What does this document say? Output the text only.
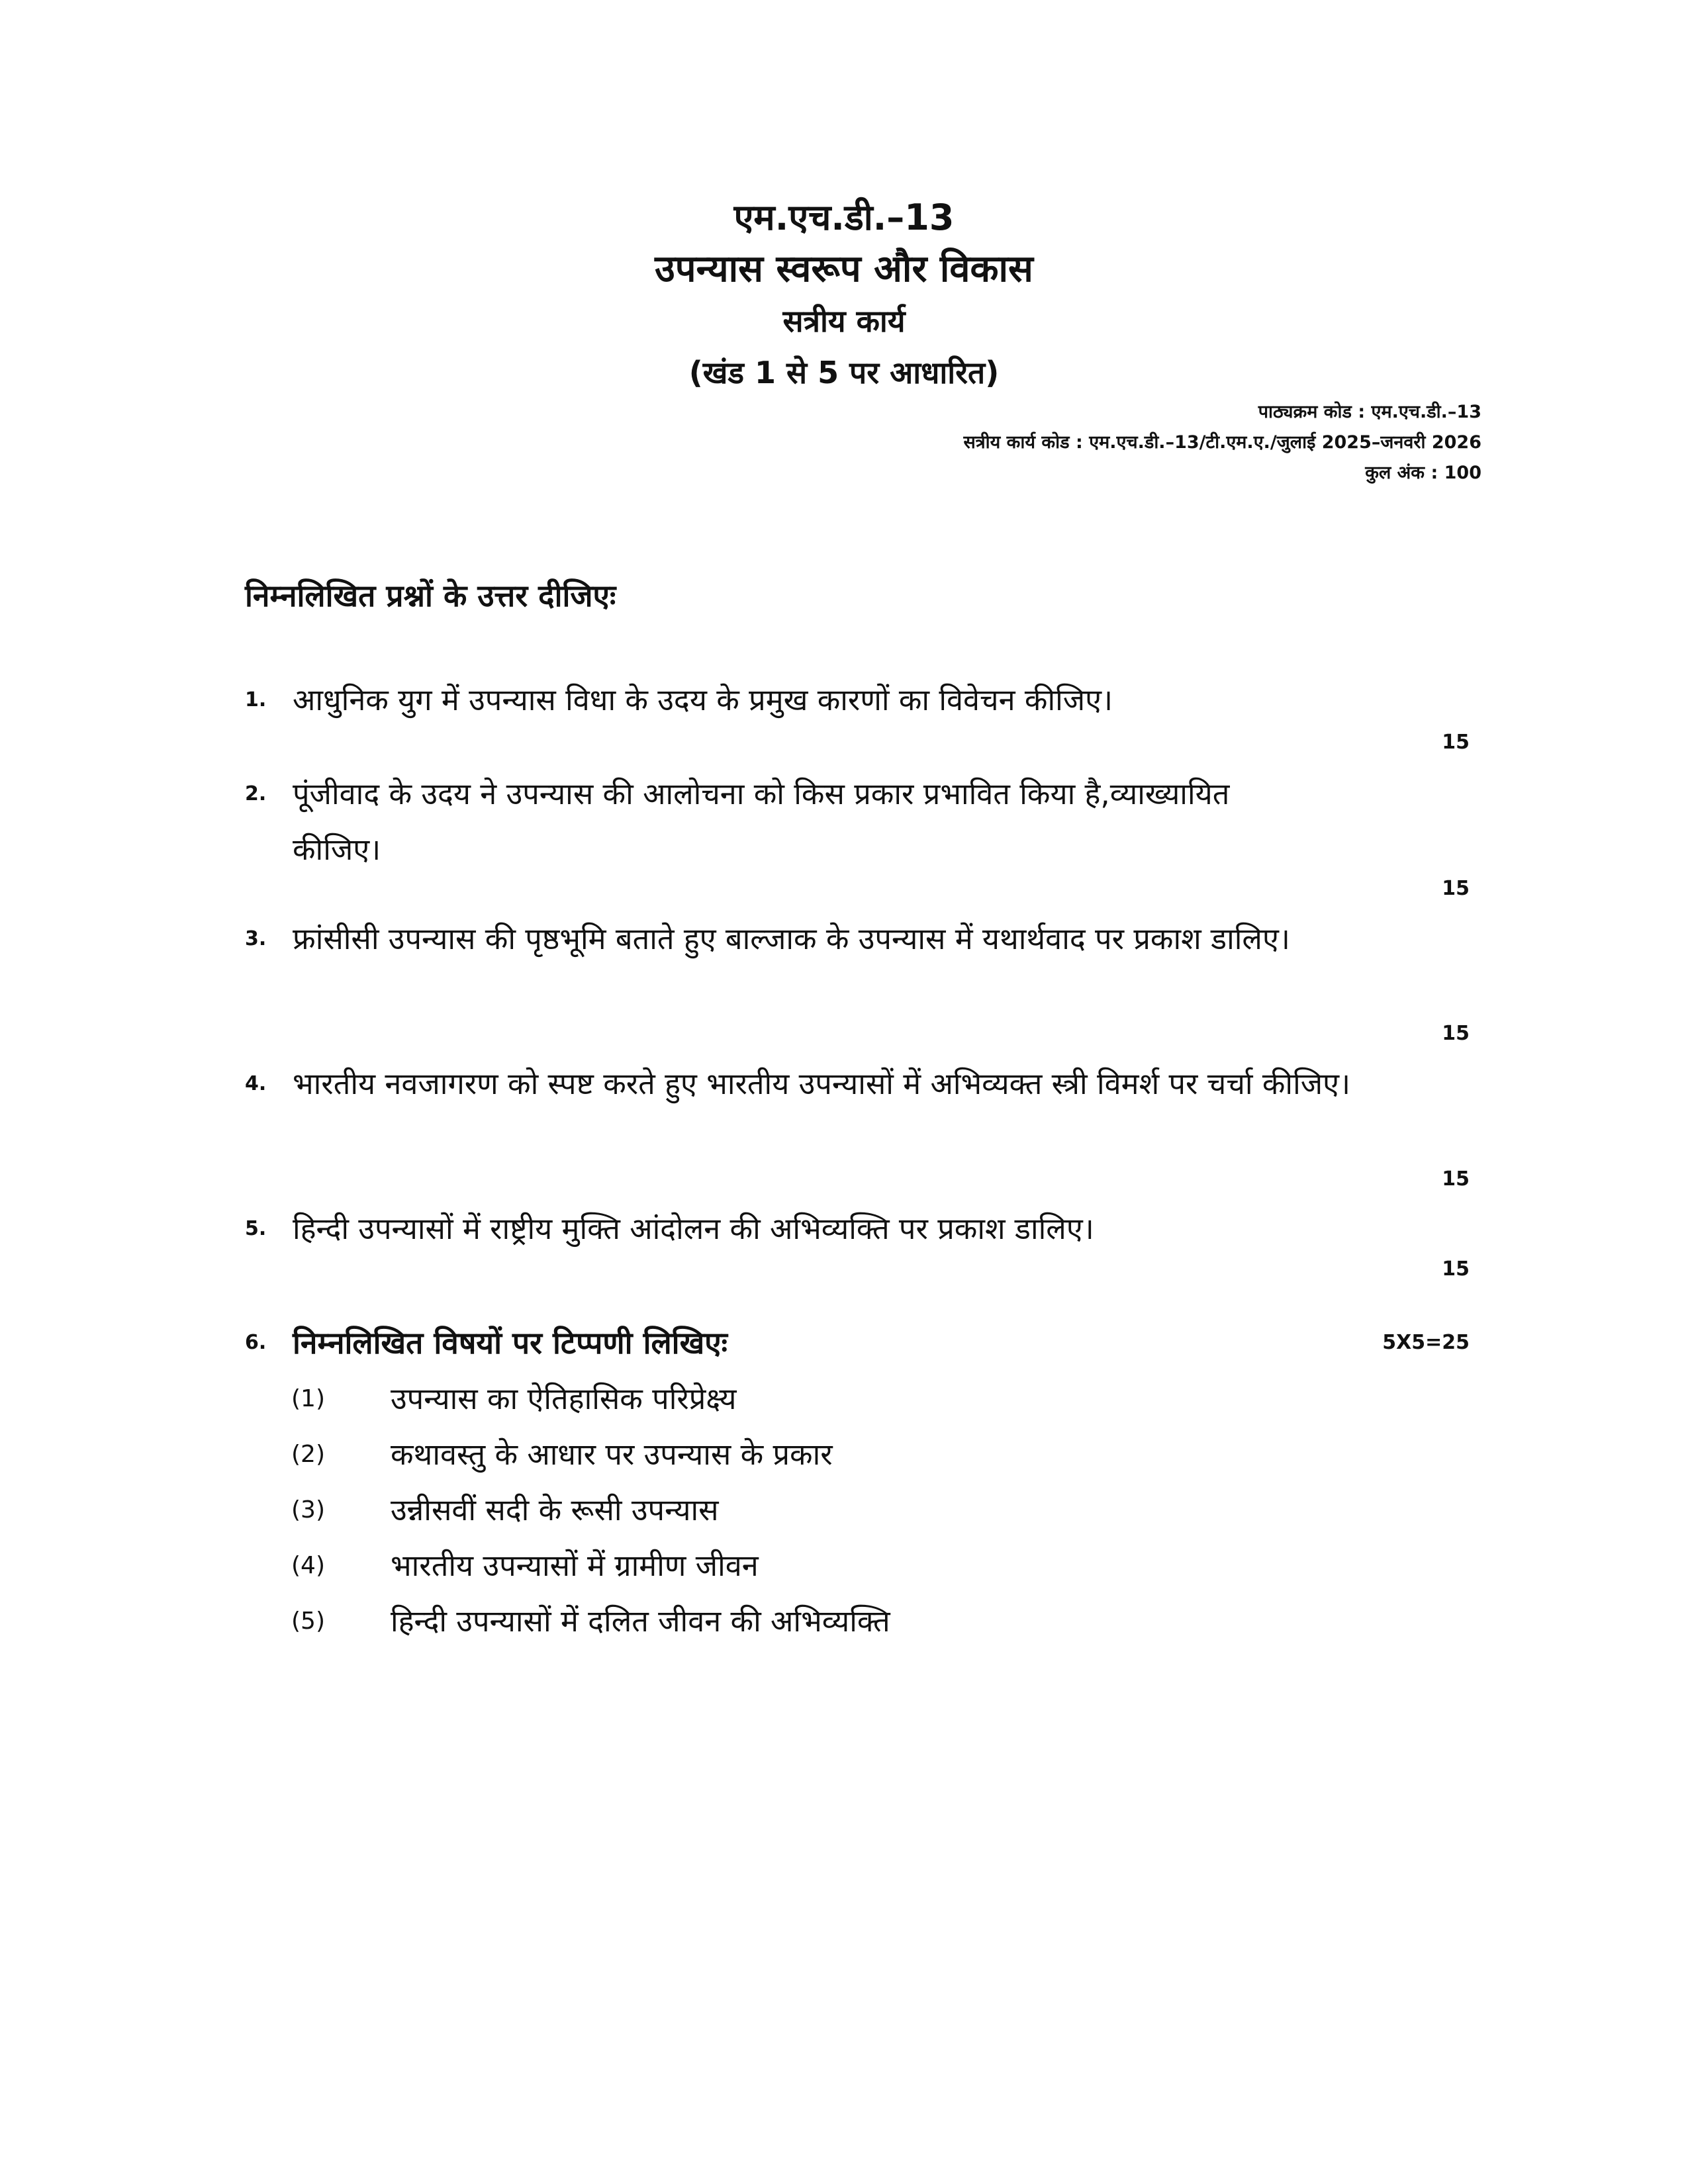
एम.एच.डी.–13
उपन्यास स्वरूप और विकास
सत्रीय कार्य
(खंड 1 से 5 पर आधारित)
पाठ्यक्रम कोड : एम.एच.डी.–13
सत्रीय कार्य कोड : एम.एच.डी.–13/टी.एम.ए./जुलाई 2025–जनवरी 2026
कुल अंक : 100
निम्नलिखित प्रश्नों के उत्तर दीजिएः
1. आधुनिक युग में उपन्यास विधा के उदय के प्रमुख कारणों का विवेचन कीजिए।
15
2. पूंजीवाद के उदय ने उपन्यास की आलोचना को किस प्रकार प्रभावित किया है,व्याख्यायित कीजिए।
15
3. फ्रांसीसी उपन्यास की पृष्ठभूमि बताते हुए बाल्जाक के उपन्यास में यथार्थवाद पर प्रकाश डालिए।
15
4. भारतीय नवजागरण को स्पष्ट करते हुए भारतीय उपन्यासों में अभिव्यक्त स्त्री विमर्श पर चर्चा कीजिए।
15
5. हिन्दी उपन्यासों में राष्ट्रीय मुक्ति आंदोलन की अभिव्यक्ति पर प्रकाश डालिए।
15
6. निम्नलिखित विषयों पर टिप्पणी लिखिएः	5X5=25
(1) उपन्यास का ऐतिहासिक परिप्रेक्ष्य
(2) कथावस्तु के आधार पर उपन्यास के प्रकार
(3) उन्नीसवीं सदी के रूसी उपन्यास
(4) भारतीय उपन्यासों में ग्रामीण जीवन
(5) हिन्दी उपन्यासों में दलित जीवन की अभिव्यक्ति
